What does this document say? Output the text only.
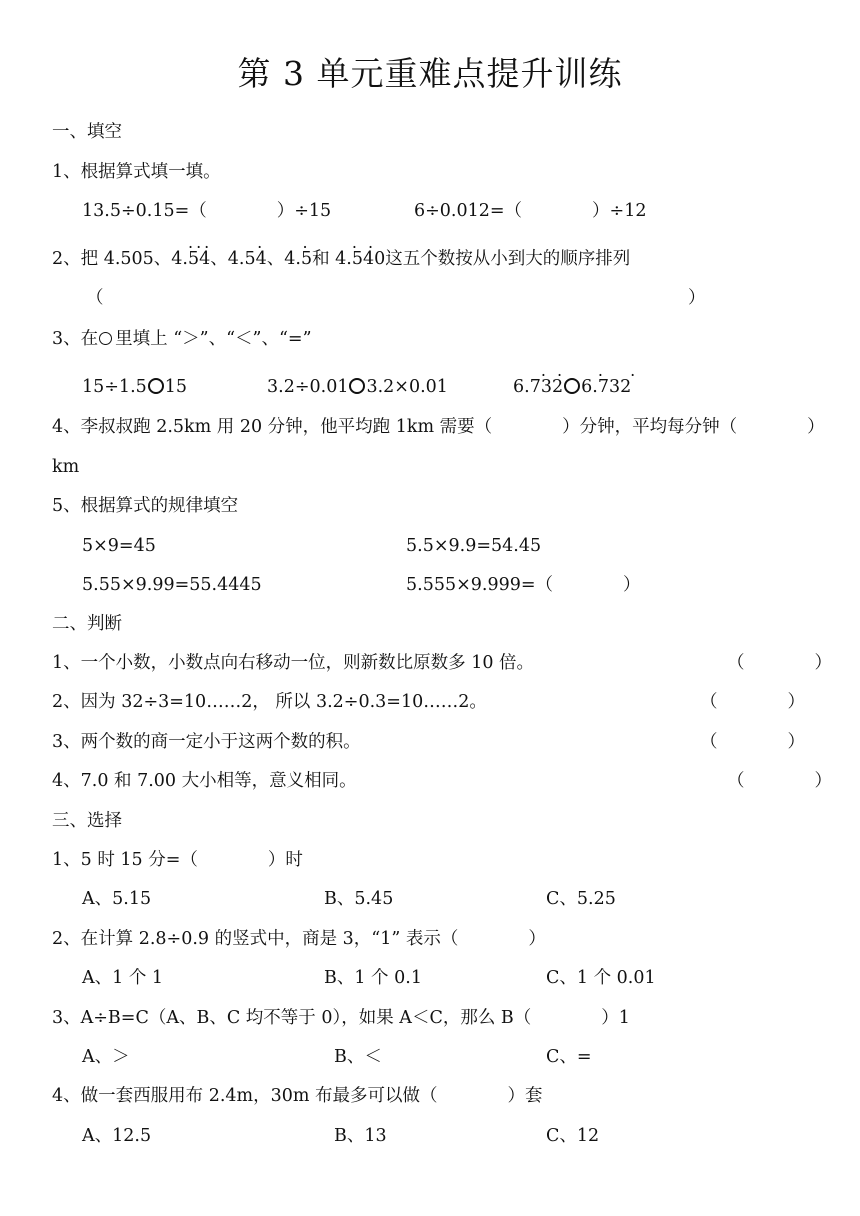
第 3 单元重难点提升训练
一、填空
1、根据算式填一填。
13.5÷0.15=（　　　　）÷15	6÷0.012=（　　　　）÷12
2、把 4.505、4.... 54、4.5. 4、4.. 5和 4.. . 540这五个数按从小到大的顺序排列
（	）
3、在 里填上 “＞”、“＜”、“=”
15÷1.5 15	3.2÷0.01 3.2×0.01	6.7. . 32 6..   . 732
4、李叔叔跑 2.5km 用 20 分钟，他平均跑 1km 需要（　　　　）分钟，平均每分钟（　　　　）
km
5、根据算式的规律填空
5×9=45	5.5×9.9=54.45
5.55×9.99=55.4445	5.555×9.999=（　　　　）
二、判断
1、一个小数，小数点向右移动一位，则新数比原数多 10 倍。	（　　　　）
2、因为 32÷3=10……2， 所以 3.2÷0.3=10……2。	（　　　　）
3、两个数的商一定小于这两个数的积。	（　　　　）
4、7.0 和 7.00 大小相等，意义相同。	（　　　　）
三、选择
1、5 时 15 分=（　　　　）时
A、5.15	B、5.45	C、5.25
2、在计算 2.8÷0.9 的竖式中，商是 3，“1” 表示（　　　　）
A、1 个 1	B、1 个 0.1	C、1 个 0.01
3、A÷B=C（A、B、C 均不等于 0），如果 A＜C，那么 B（　　　　）1
A、＞	B、＜	C、=
4、做一套西服用布 2.4m，30m 布最多可以做（　　　　）套
A、12.5	B、13	C、12
